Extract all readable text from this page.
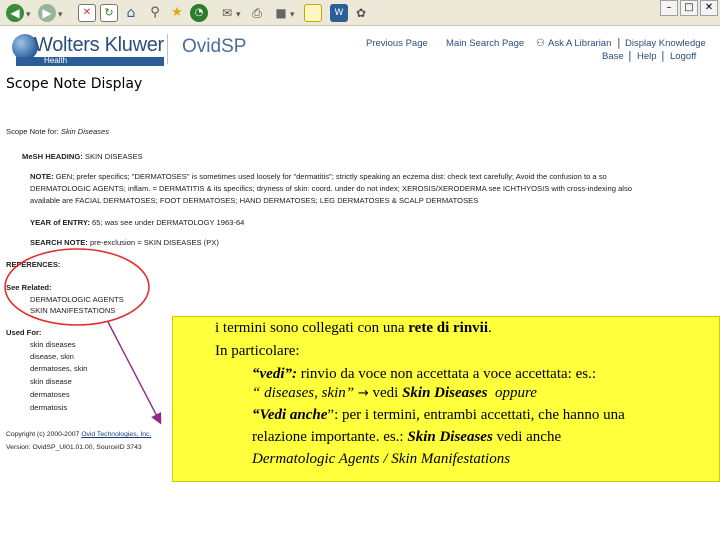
◀ ▾ ▶ ▾	✕	↻ ⌂	⚲ ★	◔	✉ ▾ ⎙	■ ▾	W	✿	–	□	✕
Wolters Kluwer
Health
OvidSP	Previous Page Main Search Page ⚇ Ask A Librarian | Display Knowledge
Base | Help | Logoff
Scope Note Display
Scope Note for: Skin Diseases
MeSH HEADING: SKIN DISEASES
NOTE: GEN; prefer specifics; "DERMATOSES" is sometimes used loosely for "dermatitis"; strictly speaking an eczema dist: check text carefully; Avoid the confusion to a so
DERMATOLOGIC AGENTS; inflam. = DERMATITIS & its specifics; dryness of skin: coord. under do not index; XEROSIS/XERODERMA see ICHTHYOSIS with cross-indexing also
available are FACIAL DERMATOSES; FOOT DERMATOSES; HAND DERMATOSES; LEG DERMATOSES & SCALP DERMATOSES
YEAR of ENTRY: 65; was see under DERMATOLOGY 1963-64
SEARCH NOTE: pre-exclusion = SKIN DISEASES (PX)
REFERENCES:
See Related:
DERMATOLOGIC AGENTS
SKIN MANIFESTATIONS
Used For:
skin diseases
disease, skin
dermatoses, skin
skin disease
dermatoses
dermatosis
Copyright (c) 2000-2007 Ovid Technologies, Inc.
Version: OvidSP_UI01.01.00, SourceID 3743
i termini sono collegati con una rete di rinvii.
In particolare:
“vedi”: rinvio da voce non accettata a voce accettata: es.:
“ diseases, skin” → vedi Skin Diseases oppure
“Vedi anche”: per i termini, entrambi accettati, che hanno una
relazione importante. es.: Skin Diseases vedi anche
Dermatologic Agents / Skin Manifestations
